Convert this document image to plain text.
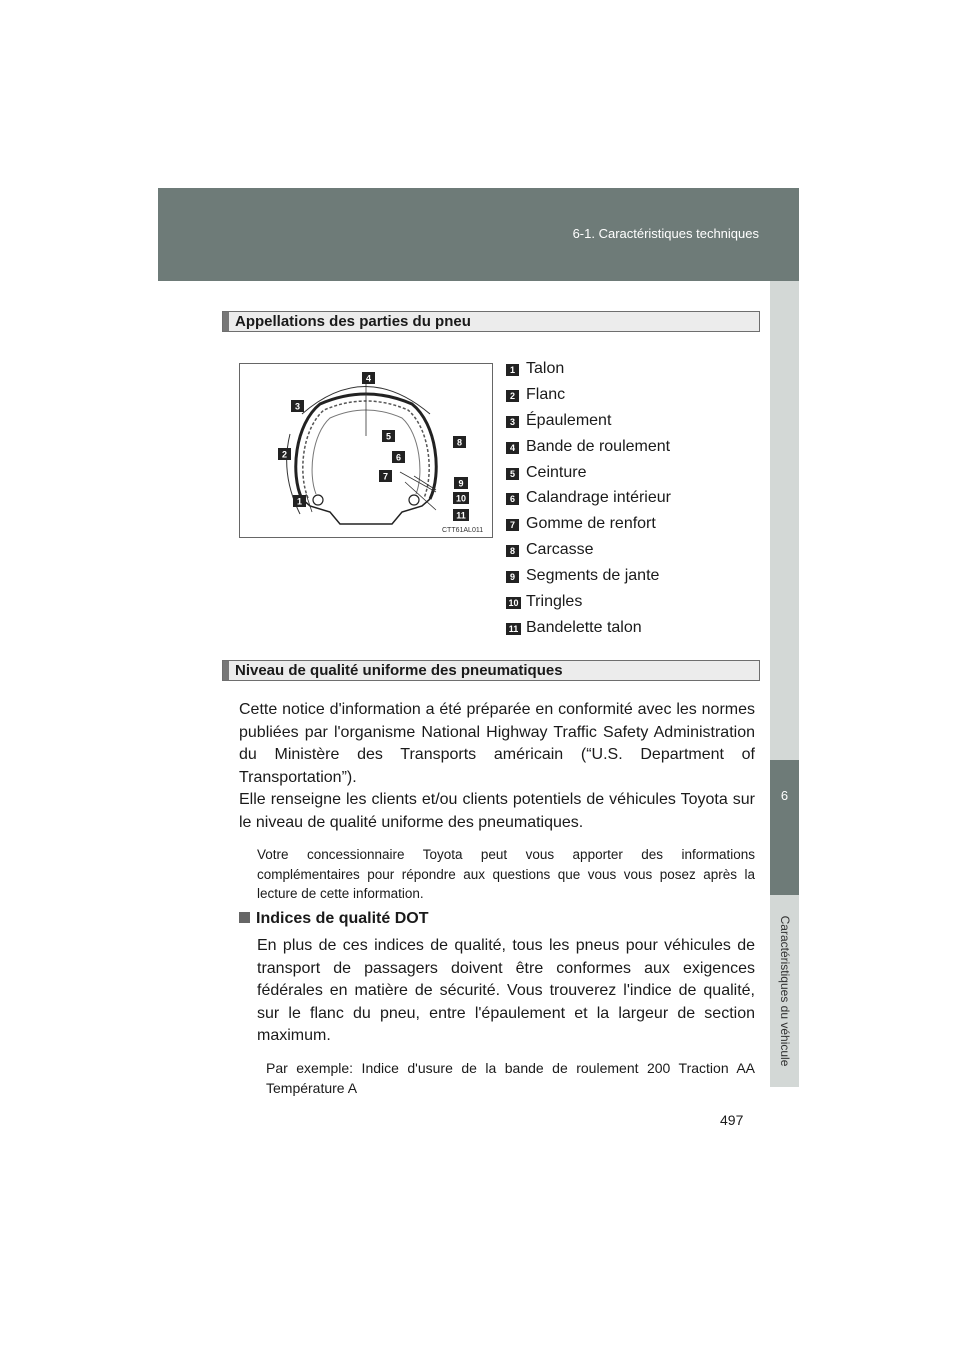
6-1. Caractéristiques techniques
6
Caractéristiques du véhicule
Appellations des parties du pneu
4
3
5
8
2	6
7
9
10
1
11
CTT61AL011
1 Talon
2 Flanc
3 Épaulement
4 Bande de roulement
5 Ceinture
6 Calandrage intérieur
7 Gomme de renfort
8 Carcasse
9 Segments de jante
10 Tringles
11 Bandelette talon
Niveau de qualité uniforme des pneumatiques

Cette notice d'information a été préparée en conformité avec les normes publiées par l'organisme National Highway Traffic Safety Administration du Ministère des Transports américain (“U.S. Department of Transportation”).

Elle renseigne les clients et/ou clients potentiels de véhicules Toyota sur le niveau de qualité uniforme des pneumatiques.

Votre concessionnaire Toyota peut vous apporter des informations complémentaires pour répondre aux questions que vous vous posez après la lecture de cette information.

Indices de qualité DOT

En plus de ces indices de qualité, tous les pneus pour véhicules de transport de passagers doivent être conformes aux exigences fédérales en matière de sécurité. Vous trouverez l'indice de qualité, sur le flanc du pneu, entre l'épaulement et la largeur de section maximum.

Par exemple: Indice d'usure de la bande de roulement 200 Traction AA Température A

497
